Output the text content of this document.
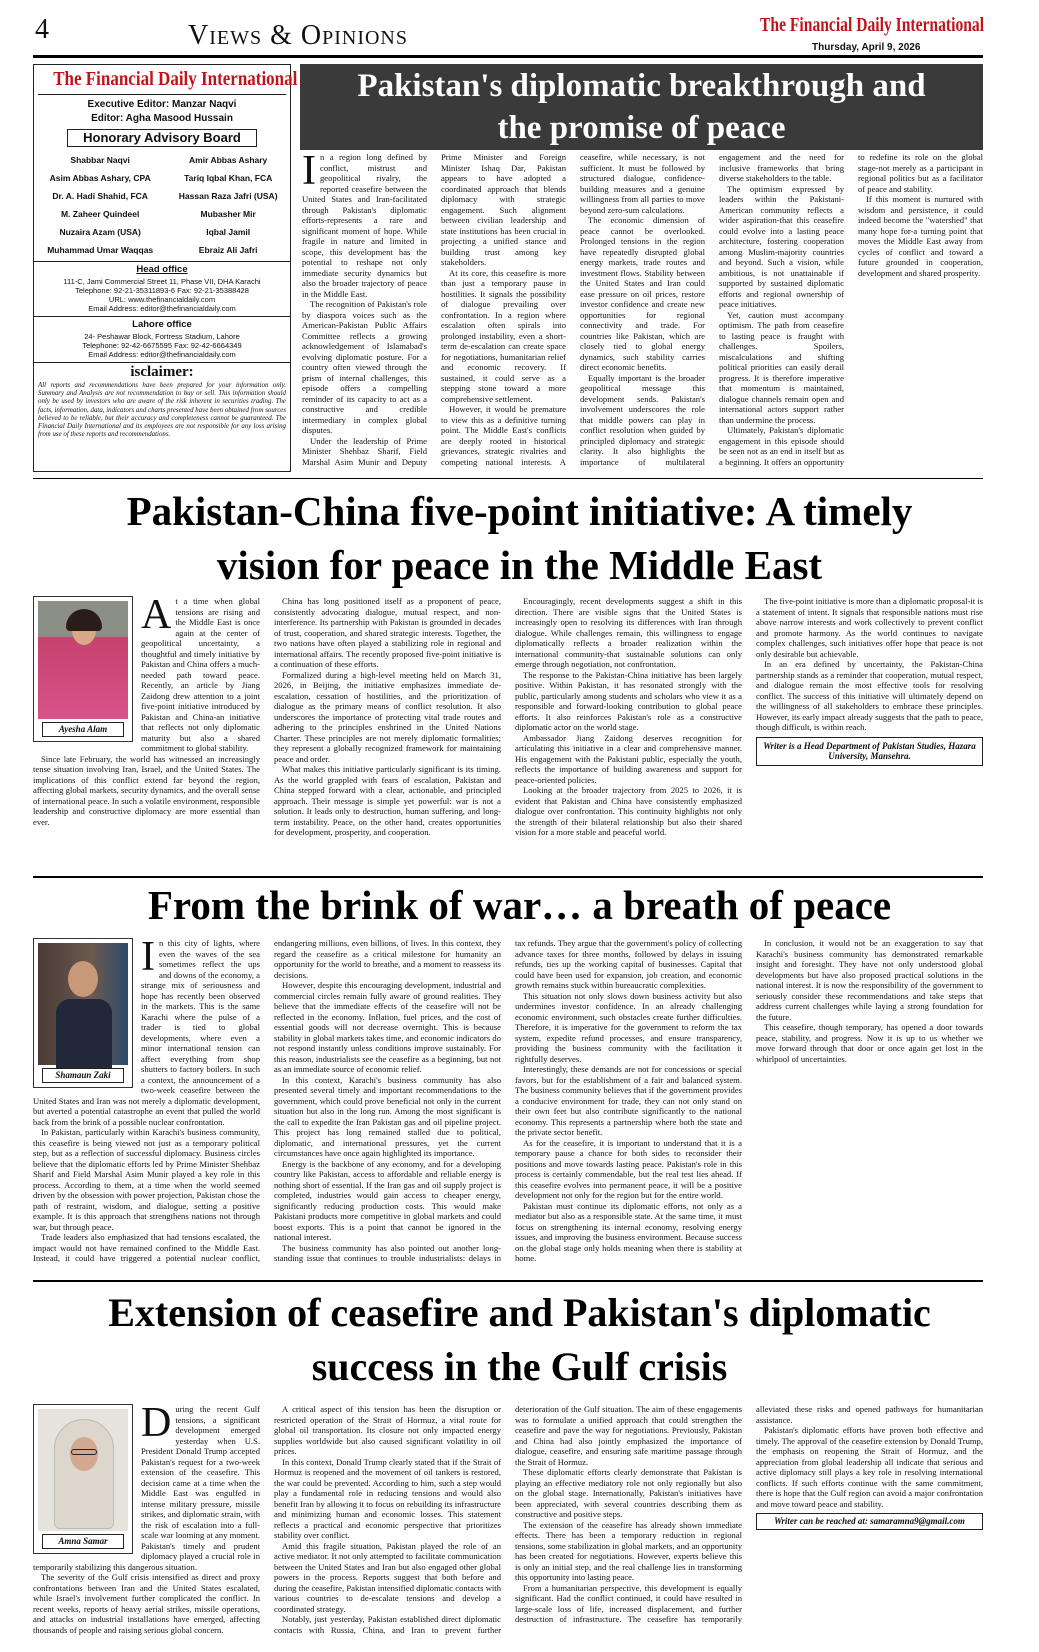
4	Views & Opinions	The Financial Daily International
Thursday, April 9, 2026
The Financial Daily International
Executive Editor: Manzar Naqvi
Editor: Agha Masood Hussain
Honorary Advisory Board
Shabbar Naqvi	Amir Abbas Ashary
Asim Abbas Ashary, CPA	Tariq Iqbal Khan, FCA
Dr. A. Hadi Shahid, FCA	Hassan Raza Jafri (USA)
M. Zaheer Quindeel	Mubasher Mir
Nuzaira Azam (USA)	Iqbal Jamil
Muhammad Umar Waqqas	Ebraiz Ali Jafri
Head office
111-C, Jami Commercial Street 11, Phase VII, DHA Karachi
Telephone: 92-21-35311893-6 Fax: 92-21-35388428
URL: www.thefinancialdaily.com
Email Address: editor@thefinancialdaily.com
Lahore office
24- Peshawar Block, Fortress Stadium, Lahore
Telephone: 92-42-6675595 Fax: 92-42-6664349
Email Address: editor@thefinancialdaily.com
isclaimer:
All reports and recommendations have been prepared for your information only. Summary and Analysis are not recommendation to buy or sell. This information should only be used by investors who are aware of the risk inherent in securities trading. The facts, information, data, indicators and charts presented have been obtained from sources believed to be reliable, but their accuracy and completeness cannot be guaranteed. The Financial Daily International and its employees are not responsible for any loss arising from use of these reports and recommendations.
Pakistan's diplomatic breakthrough and
the promise of peace

In a region long defined by conflict, mistrust and geopolitical rivalry, the reported ceasefire between the United States and Iran-facilitated through Pakistan's diplomatic efforts-represents a rare and significant moment of hope. While fragile in nature and limited in scope, this development has the potential to reshape not only immediate security dynamics but also the broader trajectory of peace in the Middle East.

The recognition of Pakistan's role by diaspora voices such as the American-Pakistan Public Affairs Committee reflects a growing acknowledgement of Islamabad's evolving diplomatic posture. For a country often viewed through the prism of internal challenges, this episode offers a compelling reminder of its capacity to act as a constructive and credible intermediary in complex global disputes.

Under the leadership of Prime Minister Shehbaz Sharif, Field Marshal Asim Munir and Deputy Prime Minister and Foreign Minister Ishaq Dar, Pakistan appears to have adopted a coordinated approach that blends diplomacy with strategic engagement. Such alignment between civilian leadership and state institutions has been crucial in projecting a unified stance and building trust among key stakeholders.

At its core, this ceasefire is more than just a temporary pause in hostilities. It signals the possibility of dialogue prevailing over confrontation. In a region where escalation often spirals into prolonged instability, even a short-term de-escalation can create space for negotiations, humanitarian relief and economic recovery. If sustained, it could serve as a stepping stone toward a more comprehensive settlement.

However, it would be premature to view this as a definitive turning point. The Middle East's conflicts are deeply rooted in historical grievances, strategic rivalries and competing national interests. A ceasefire, while necessary, is not sufficient. It must be followed by structured dialogue, confidence-building measures and a genuine willingness from all parties to move beyond zero-sum calculations.

The economic dimension of peace cannot be overlooked. Prolonged tensions in the region have repeatedly disrupted global energy markets, trade routes and investment flows. Stability between the United States and Iran could ease pressure on oil prices, restore investor confidence and create new opportunities for regional connectivity and trade. For countries like Pakistan, which are closely tied to global energy dynamics, such stability carries direct economic benefits.

Equally important is the broader geopolitical message this development sends. Pakistan's involvement underscores the role that middle powers can play in conflict resolution when guided by principled diplomacy and strategic clarity. It also highlights the importance of multilateral engagement and the need for inclusive frameworks that bring diverse stakeholders to the table.

The optimism expressed by leaders within the Pakistani-American community reflects a wider aspiration-that this ceasefire could evolve into a lasting peace architecture, fostering cooperation among Muslim-majority countries and beyond. Such a vision, while ambitious, is not unattainable if supported by sustained diplomatic efforts and regional ownership of peace initiatives.

Yet, caution must accompany optimism. The path from ceasefire to lasting peace is fraught with challenges. Spoilers, miscalculations and shifting political priorities can easily derail progress. It is therefore imperative that momentum is maintained, dialogue channels remain open and international actors support rather than undermine the process.

Ultimately, Pakistan's diplomatic engagement in this episode should be seen not as an end in itself but as a beginning. It offers an opportunity to redefine its role on the global stage-not merely as a participant in regional politics but as a facilitator of peace and stability.

If this moment is nurtured with wisdom and persistence, it could indeed become the "watershed" that many hope for-a turning point that moves the Middle East away from cycles of conflict and toward a future grounded in cooperation, development and shared prosperity.

Pakistan-China five-point initiative: A timely
vision for peace in the Middle East
Ayesha Alam

At a time when global tensions are rising and the Middle East is once again at the center of geopolitical uncertainty, a thoughtful and timely initiative by Pakistan and China offers a much-needed path toward peace. Recently, an article by Jiang Zaidong drew attention to a joint five-point initiative introduced by Pakistan and China-an initiative that reflects not only diplomatic maturity but also a shared commitment to global stability.

Since late February, the world has witnessed an increasingly tense situation involving Iran, Israel, and the United States. The implications of this conflict extend far beyond the region, affecting global markets, security dynamics, and the overall sense of international peace. In such a volatile environment, responsible leadership and constructive diplomacy are more essential than ever.

China has long positioned itself as a proponent of peace, consistently advocating dialogue, mutual respect, and non-interference. Its partnership with Pakistan is grounded in decades of trust, cooperation, and shared strategic interests. Together, the two nations have often played a stabilizing role in regional and international affairs. The recently proposed five-point initiative is a continuation of these efforts.

Formalized during a high-level meeting held on March 31, 2026, in Beijing, the initiative emphasizes immediate de-escalation, cessation of hostilities, and the prioritization of dialogue as the primary means of conflict resolution. It also underscores the importance of protecting vital trade routes and adhering to the principles enshrined in the United Nations Charter. These principles are not merely diplomatic formalities; they represent a globally recognized framework for maintaining peace and order.

What makes this initiative particularly significant is its timing. As the world grappled with fears of escalation, Pakistan and China stepped forward with a clear, actionable, and principled approach. Their message is simple yet powerful: war is not a solution. It leads only to destruction, human suffering, and long-term instability. Peace, on the other hand, creates opportunities for development, prosperity, and cooperation.

Encouragingly, recent developments suggest a shift in this direction. There are visible signs that the United States is increasingly open to resolving its differences with Iran through dialogue. While challenges remain, this willingness to engage diplomatically reflects a broader realization within the international community-that sustainable solutions can only emerge through negotiation, not confrontation.

The response to the Pakistan-China initiative has been largely positive. Within Pakistan, it has resonated strongly with the public, particularly among students and scholars who view it as a responsible and forward-looking contribution to global peace efforts. It also reinforces Pakistan's role as a constructive diplomatic actor on the world stage.

Ambassador Jiang Zaidong deserves recognition for articulating this initiative in a clear and comprehensive manner. His engagement with the Pakistani public, especially the youth, reflects the importance of building awareness and support for peace-oriented policies.

Looking at the broader trajectory from 2025 to 2026, it is evident that Pakistan and China have consistently emphasized dialogue over confrontation. This continuity highlights not only the strength of their bilateral relationship but also their shared vision for a more stable and peaceful world.

The five-point initiative is more than a diplomatic proposal-it is a statement of intent. It signals that responsible nations must rise above narrow interests and work collectively to prevent conflict and promote harmony. As the world continues to navigate complex challenges, such initiatives offer hope that peace is not only desirable but achievable.

In an era defined by uncertainty, the Pakistan-China partnership stands as a reminder that cooperation, mutual respect, and dialogue remain the most effective tools for resolving conflict. The success of this initiative will ultimately depend on the willingness of all stakeholders to embrace these principles. However, its early impact already suggests that the path to peace, though difficult, is within reach.

Writer is a Head Department of Pakistan Studies, Hazara University, Mansehra.
From the brink of war… a breath of peace
Shamaun Zaki

In this city of lights, where even the waves of the sea sometimes reflect the ups and downs of the economy, a strange mix of seriousness and hope has recently been observed in the markets. This is the same Karachi where the pulse of a trader is tied to global developments, where even a minor international tension can affect everything from shop shutters to factory boilers. In such a context, the announcement of a two-week ceasefire between the United States and Iran was not merely a diplomatic development, but averted a potential catastrophe an event that pulled the world back from the brink of a possible nuclear confrontation.

In Pakistan, particularly within Karachi's business community, this ceasefire is being viewed not just as a temporary political step, but as a reflection of successful diplomacy. Business circles believe that the diplomatic efforts led by Prime Minister Shehbaz Sharif and Field Marshal Asim Munir played a key role in this process. According to them, at a time when the world seemed driven by the obsession with power projection, Pakistan chose the path of restraint, wisdom, and dialogue, setting a positive example. It is this approach that strengthens nations not through war, but through peace.

Trade leaders also emphasized that had tensions escalated, the impact would not have remained confined to the Middle East. Instead, it could have triggered a potential nuclear conflict, endangering millions, even billions, of lives. In this context, they regard the ceasefire as a critical milestone for humanity an opportunity for the world to breathe, and a moment to reassess its decisions.

However, despite this encouraging development, industrial and commercial circles remain fully aware of ground realities. They believe that the immediate effects of the ceasefire will not be reflected in the economy. Inflation, fuel prices, and the cost of essential goods will not decrease overnight. This is because stability in global markets takes time, and economic indicators do not respond instantly unless conditions improve sustainably. For this reason, industrialists see the ceasefire as a beginning, but not as an immediate source of economic relief.

In this context, Karachi's business community has also presented several timely and important recommendations to the government, which could prove beneficial not only in the current situation but also in the long run. Among the most significant is the call to expedite the Iran Pakistan gas and oil pipeline project. This project has long remained stalled due to political, diplomatic, and international pressures, yet the current circumstances have once again highlighted its importance.

Energy is the backbone of any economy, and for a developing country like Pakistan, access to affordable and reliable energy is nothing short of essential. If the Iran gas and oil supply project is completed, industries would gain access to cheaper energy, significantly reducing production costs. This would make Pakistani products more competitive in global markets and could boost exports. This is a point that cannot be ignored in the national interest.

The business community has also pointed out another long-standing issue that continues to trouble industrialists: delays in tax refunds. They argue that the government's policy of collecting advance taxes for three months, followed by delays in issuing refunds, ties up the working capital of businesses. Capital that could have been used for expansion, job creation, and economic growth remains stuck within bureaucratic complexities.

This situation not only slows down business activity but also undermines investor confidence. In an already challenging economic environment, such obstacles create further difficulties. Therefore, it is imperative for the government to reform the tax system, expedite refund processes, and ensure transparency, providing the business community with the facilitation it rightfully deserves.

Interestingly, these demands are not for concessions or special favors, but for the establishment of a fair and balanced system. The business community believes that if the government provides a conducive environment for trade, they can not only stand on their own feet but also contribute significantly to the national economy. This represents a partnership where both the state and the private sector benefit.

As for the ceasefire, it is important to understand that it is a temporary pause a chance for both sides to reconsider their positions and move towards lasting peace. Pakistan's role in this process is certainly commendable, but the real test lies ahead. If this ceasefire evolves into permanent peace, it will be a positive development not only for the region but for the entire world.

Pakistan must continue its diplomatic efforts, not only as a mediator but also as a responsible state. At the same time, it must focus on strengthening its internal economy, resolving energy issues, and improving the business environment. Because success on the global stage only holds meaning when there is stability at home.

In conclusion, it would not be an exaggeration to say that Karachi's business community has demonstrated remarkable insight and foresight. They have not only understood global developments but have also proposed practical solutions in the national interest. It is now the responsibility of the government to seriously consider these recommendations and take steps that address current challenges while laying a strong foundation for the future.

This ceasefire, though temporary, has opened a door towards peace, stability, and progress. Now it is up to us whether we move forward through that door or once again get lost in the whirlpool of uncertainties.

Extension of ceasefire and Pakistan's diplomatic
success in the Gulf crisis
Amna Samar

During the recent Gulf tensions, a significant development emerged yesterday when U.S. President Donald Trump accepted Pakistan's request for a two-week extension of the ceasefire. This decision came at a time when the Middle East was engulfed in intense military pressure, missile strikes, and diplomatic strain, with the risk of escalation into a full-scale war looming at any moment. Pakistan's timely and prudent diplomacy played a crucial role in temporarily stabilizing this dangerous situation.

The severity of the Gulf crisis intensified as direct and proxy confrontations between Iran and the United States escalated, while Israel's involvement further complicated the conflict. In recent weeks, reports of heavy aerial strikes, missile operations, and attacks on industrial installations have emerged, affecting thousands of people and raising serious global concern.

A critical aspect of this tension has been the disruption or restricted operation of the Strait of Hormuz, a vital route for global oil transportation. Its closure not only impacted energy supplies worldwide but also caused significant volatility in oil prices.

In this context, Donald Trump clearly stated that if the Strait of Hormuz is reopened and the movement of oil tankers is restored, the war could be prevented. According to him, such a step would play a fundamental role in reducing tensions and would also benefit Iran by allowing it to focus on rebuilding its infrastructure and minimizing human and economic losses. This statement reflects a practical and economic perspective that prioritizes stability over conflict.

Amid this fragile situation, Pakistan played the role of an active mediator. It not only attempted to facilitate communication between the United States and Iran but also engaged other global powers in the process. Reports suggest that both before and during the ceasefire, Pakistan intensified diplomatic contacts with various countries to de-escalate tensions and develop a coordinated strategy.

Notably, just yesterday, Pakistan established direct diplomatic contacts with Russia, China, and Iran to prevent further deterioration of the Gulf situation. The aim of these engagements was to formulate a unified approach that could strengthen the ceasefire and pave the way for negotiations. Previously, Pakistan and China had also jointly emphasized the importance of dialogue, ceasefire, and ensuring safe maritime passage through the Strait of Hormuz.

These diplomatic efforts clearly demonstrate that Pakistan is playing an effective mediatory role not only regionally but also on the global stage. Internationally, Pakistan's initiatives have been appreciated, with several countries describing them as constructive and positive steps.

The extension of the ceasefire has already shown immediate effects. There has been a temporary reduction in regional tensions, some stabilization in global markets, and an opportunity has been created for negotiations. However, experts believe this is only an initial step, and the real challenge lies in transforming this opportunity into lasting peace.

From a humanitarian perspective, this development is equally significant. Had the conflict continued, it could have resulted in large-scale loss of life, increased displacement, and further destruction of infrastructure. The ceasefire has temporarily alleviated these risks and opened pathways for humanitarian assistance.

Pakistan's diplomatic efforts have proven both effective and timely. The approval of the ceasefire extension by Donald Trump, the emphasis on reopening the Strait of Hormuz, and the appreciation from global leadership all indicate that serious and active diplomacy still plays a key role in resolving international conflicts. If such efforts continue with the same commitment, there is hope that the Gulf region can avoid a major confrontation and move toward peace and stability.

Writer can be reached at: samaramna9@gmail.com
